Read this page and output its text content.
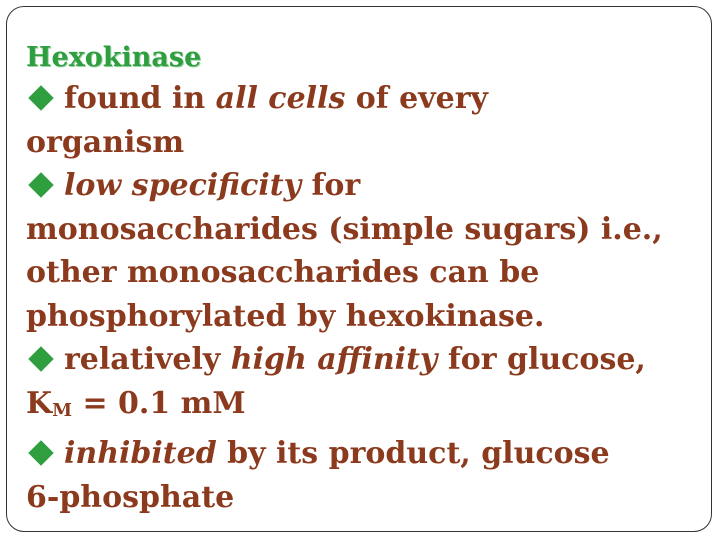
Hexokinase
found in all cells of every
organism
low specificity for
monosaccharides (simple sugars) i.e.,
other monosaccharides can be
phosphorylated by hexokinase.
relatively high affinity for glucose,
$K_M = 0.1$ mM
inhibited by its product, glucose
6-phosphate
